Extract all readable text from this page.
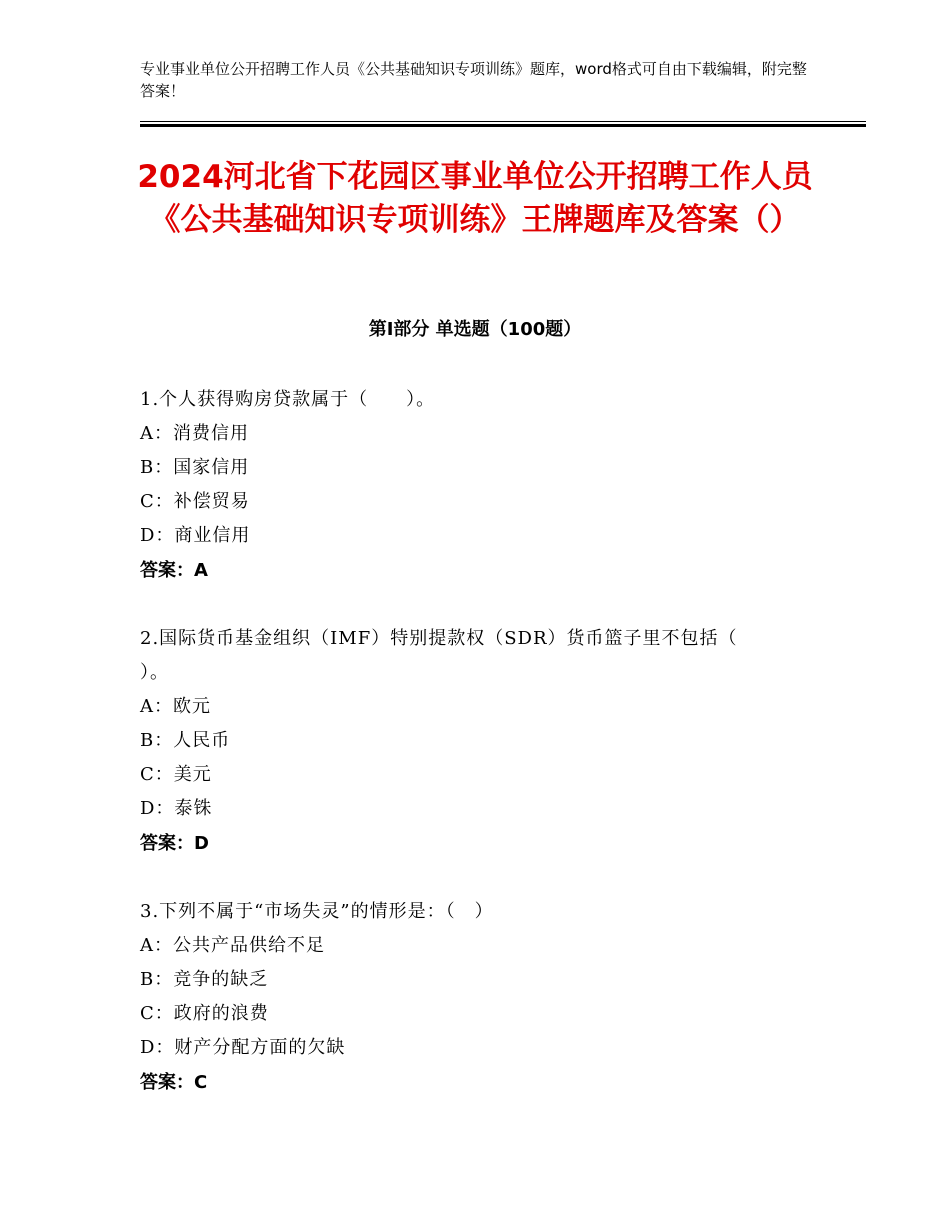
专业事业单位公开招聘工作人员《公共基础知识专项训练》题库，word格式可自由下载编辑，附完整答案！
2024河北省下花园区事业单位公开招聘工作人员《公共基础知识专项训练》王牌题库及答案（）
第Ⅰ部分 单选题（100题）
1.个人获得购房贷款属于（　　）。
A：消费信用
B：国家信用
C：补偿贸易
D：商业信用
答案：A
2.国际货币基金组织（IMF）特别提款权（SDR）货币篮子里不包括（
）。
A：欧元
B：人民币
C：美元
D：泰铢
答案：D
3.下列不属于“市场失灵”的情形是：（　）
A：公共产品供给不足
B：竞争的缺乏
C：政府的浪费
D：财产分配方面的欠缺
答案：C
